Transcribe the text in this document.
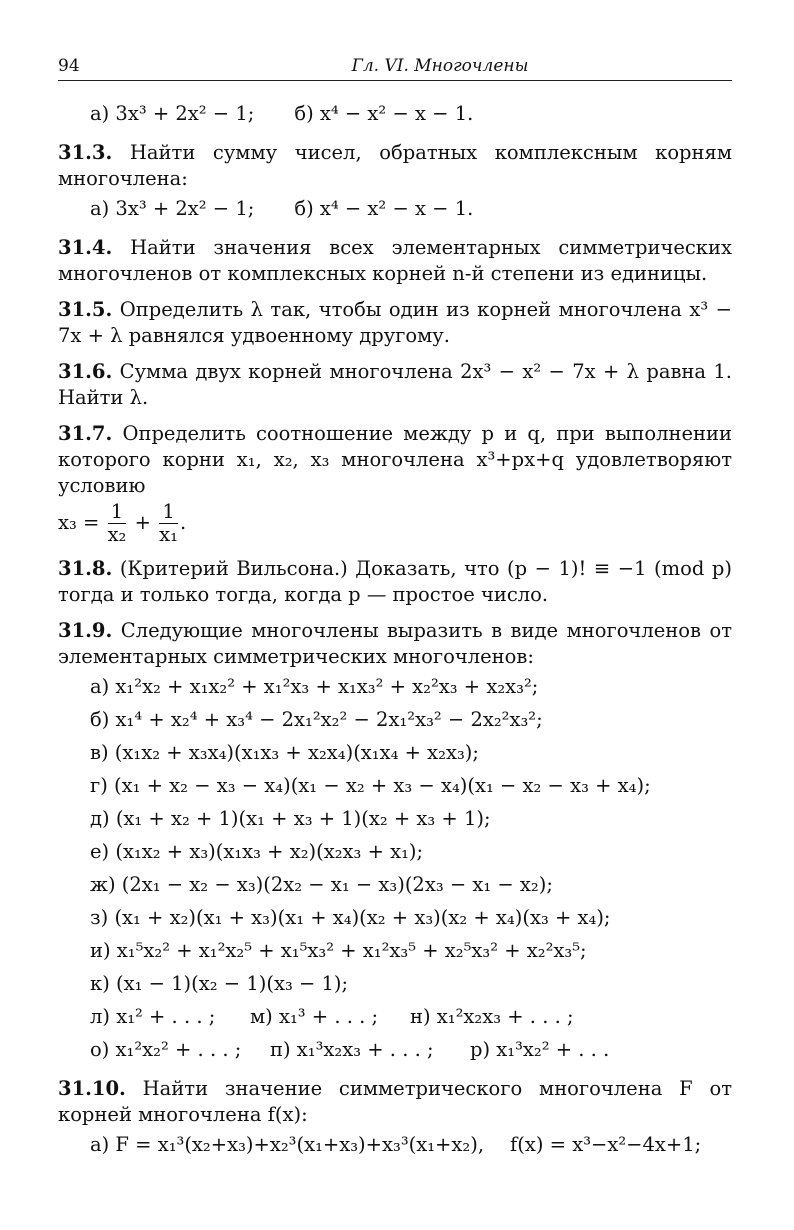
94	Гл. VI. Многочлены
а) 3x³ + 2x² − 1; б) x⁴ − x² − x − 1.
31.3. Найти сумму чисел, обратных комплексным корням многочлена:
а) 3x³ + 2x² − 1; б) x⁴ − x² − x − 1.
31.4. Найти значения всех элементарных симметрических многочленов от комплексных корней n-й степени из единицы.
31.5. Определить λ так, чтобы один из корней многочлена x³ − 7x + λ равнялся удвоенному другому.
31.6. Сумма двух корней многочлена 2x³ − x² − 7x + λ равна 1. Найти λ.
31.7. Определить соотношение между p и q, при выполнении которого корни x₁, x₂, x₃ многочлена x³+px+q удовлетворяют условию
$x_3 = \frac{1}{\text{x₂}} + \frac{1}{\text{x₁}}$ .
31.8. (Критерий Вильсона.) Доказать, что (p − 1)! ≡ −1 (mod p) тогда и только тогда, когда p — простое число.
31.9. Следующие многочлены выразить в виде многочленов от элементарных симметрических многочленов:
а) x₁²x₂ + x₁x₂² + x₁²x₃ + x₁x₃² + x₂²x₃ + x₂x₃²;
б) x₁⁴ + x₂⁴ + x₃⁴ − 2x₁²x₂² − 2x₁²x₃² − 2x₂²x₃²;
в) (x₁x₂ + x₃x₄)(x₁x₃ + x₂x₄)(x₁x₄ + x₂x₃);
г) (x₁ + x₂ − x₃ − x₄)(x₁ − x₂ + x₃ − x₄)(x₁ − x₂ − x₃ + x₄);
д) (x₁ + x₂ + 1)(x₁ + x₃ + 1)(x₂ + x₃ + 1);
е) (x₁x₂ + x₃)(x₁x₃ + x₂)(x₂x₃ + x₁);
ж) (2x₁ − x₂ − x₃)(2x₂ − x₁ − x₃)(2x₃ − x₁ − x₂);
з) (x₁ + x₂)(x₁ + x₃)(x₁ + x₄)(x₂ + x₃)(x₂ + x₄)(x₃ + x₄);
и) x₁⁵x₂² + x₁²x₂⁵ + x₁⁵x₃² + x₁²x₃⁵ + x₂⁵x₃² + x₂²x₃⁵;
к) (x₁ − 1)(x₂ − 1)(x₃ − 1);
л) x₁² + . . . ; м) x₁³ + . . . ; н) x₁²x₂x₃ + . . . ;
о) x₁²x₂² + . . . ; п) x₁³x₂x₃ + . . . ; р) x₁³x₂² + . . .
31.10. Найти значение симметрического многочлена F от корней многочлена f(x):
а) F = x₁³(x₂+x₃)+x₂³(x₁+x₃)+x₃³(x₁+x₂), f(x) = x³−x²−4x+1;
